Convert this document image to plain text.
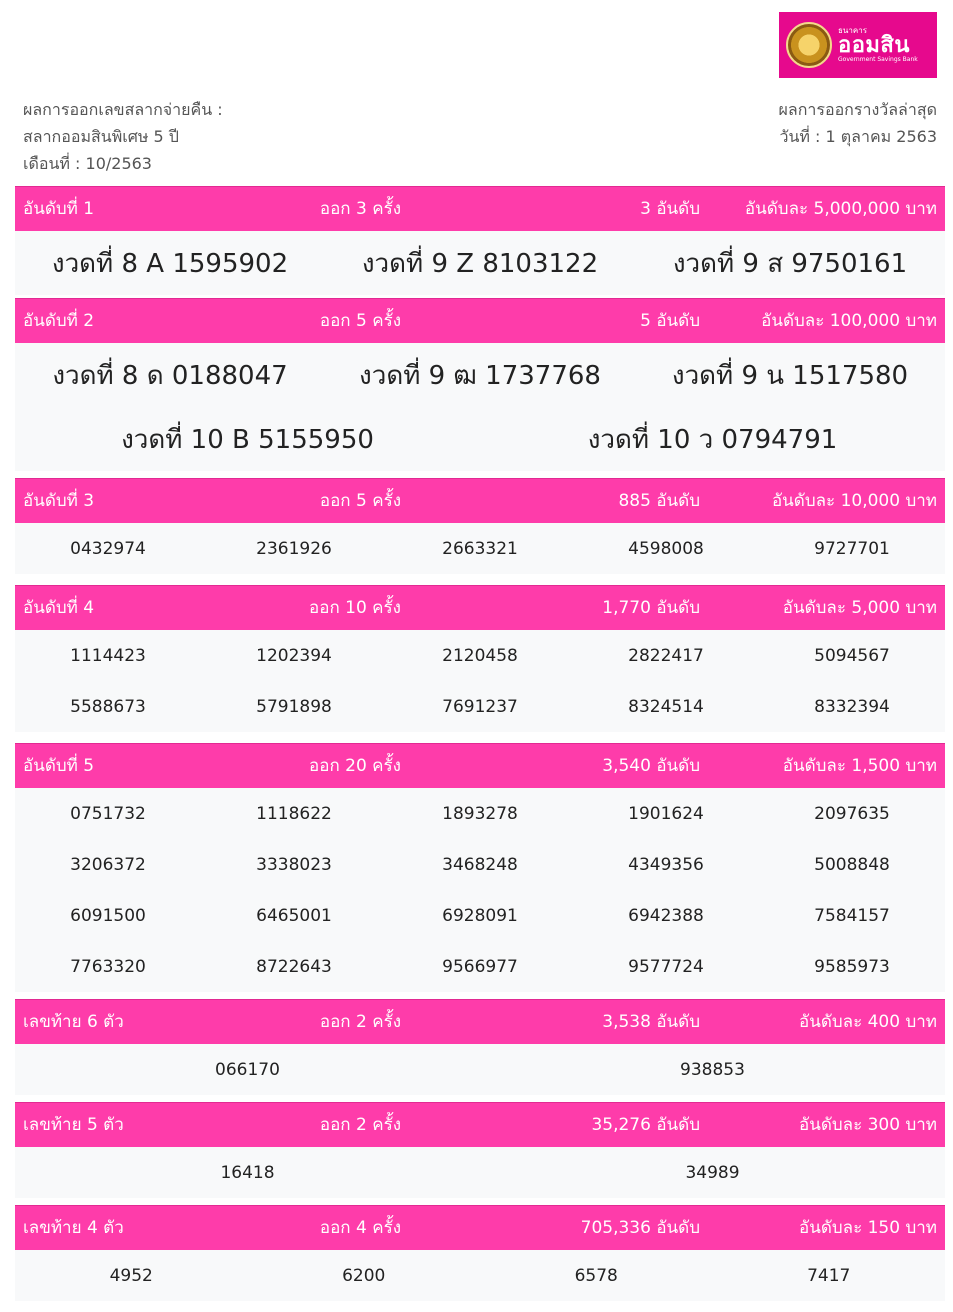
ธนาคาร
ออมสิน
Government Savings Bank
ผลการออกเลขสลากจ่ายคืน :
สลากออมสินพิเศษ 5 ปี
เดือนที่ : 10/2563
ผลการออกรางวัลล่าสุด
วันที่ : 1 ตุลาคม 2563
อันดับที่ 1	ออก 3 ครั้ง	3 อันดับ	อันดับละ 5,000,000 บาท
งวดที่ 8 A 1595902	งวดที่ 9 Z 8103122	งวดที่ 9 ส 9750161
อันดับที่ 2	ออก 5 ครั้ง	5 อันดับ	อันดับละ 100,000 บาท
งวดที่ 8 ด 0188047	งวดที่ 9 ฒ 1737768	งวดที่ 9 น 1517580
งวดที่ 10 B 5155950	งวดที่ 10 ว 0794791
อันดับที่ 3	ออก 5 ครั้ง	885 อันดับ	อันดับละ 10,000 บาท
0432974	2361926	2663321	4598008	9727701
อันดับที่ 4	ออก 10 ครั้ง	1,770 อันดับ	อันดับละ 5,000 บาท
1114423	1202394	2120458	2822417	5094567
5588673	5791898	7691237	8324514	8332394
อันดับที่ 5	ออก 20 ครั้ง	3,540 อันดับ	อันดับละ 1,500 บาท
0751732	1118622	1893278	1901624	2097635
3206372	3338023	3468248	4349356	5008848
6091500	6465001	6928091	6942388	7584157
7763320	8722643	9566977	9577724	9585973
เลขท้าย 6 ตัว	ออก 2 ครั้ง	3,538 อันดับ	อันดับละ 400 บาท
066170	938853
เลขท้าย 5 ตัว	ออก 2 ครั้ง	35,276 อันดับ	อันดับละ 300 บาท
16418	34989
เลขท้าย 4 ตัว	ออก 4 ครั้ง	705,336 อันดับ	อันดับละ 150 บาท
4952	6200	6578	7417
